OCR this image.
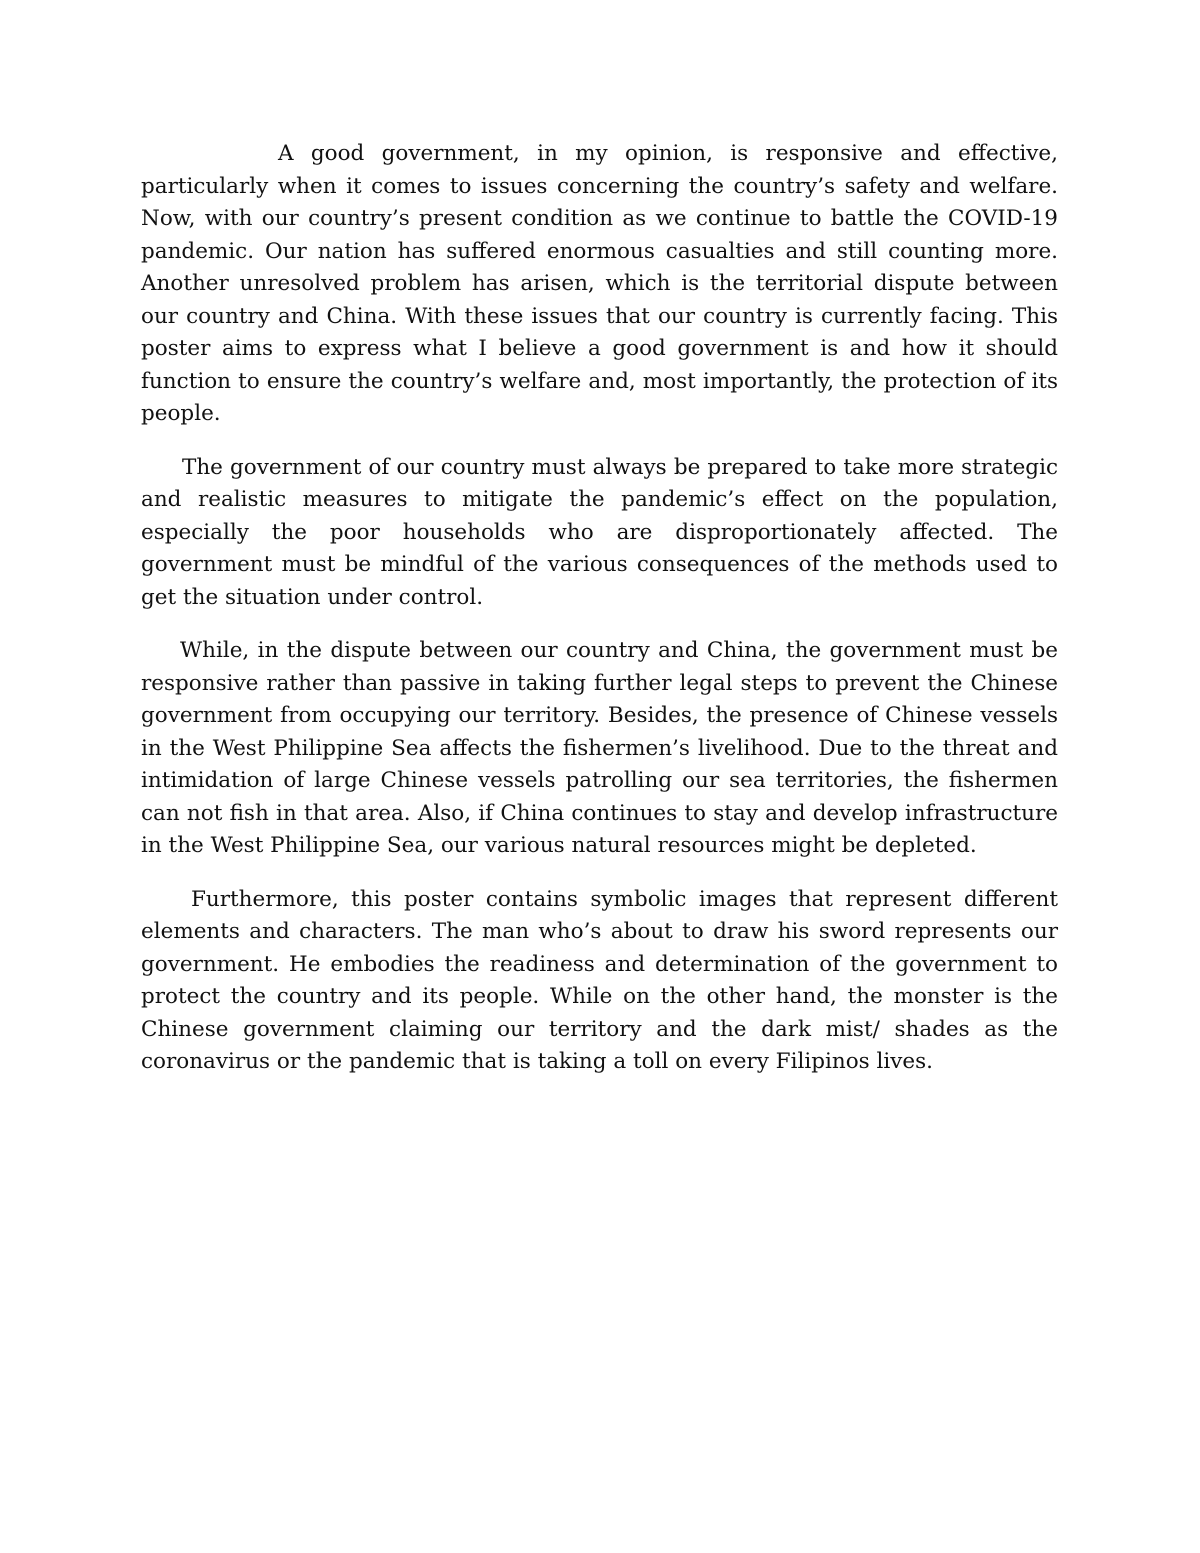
A good government, in my opinion, is responsive and effective, particularly when it comes to issues concerning the country’s safety and welfare. Now, with our country’s present condition as we continue to battle the COVID-19 pandemic. Our nation has suffered enormous casualties and still counting more. Another unresolved problem has arisen, which is the territorial dispute between our country and China. With these issues that our country is currently facing. This poster aims to express what I believe a good government is and how it should function to ensure the country’s welfare and, most importantly, the protection of its people.

The government of our country must always be prepared to take more strategic and realistic measures to mitigate the pandemic’s effect on the population, especially the poor households who are disproportionately affected. The government must be mindful of the various consequences of the methods used to get the situation under control.

While, in the dispute between our country and China, the government must be responsive rather than passive in taking further legal steps to prevent the Chinese government from occupying our territory. Besides, the presence of Chinese vessels in the West Philippine Sea affects the fishermen’s livelihood. Due to the threat and intimidation of large Chinese vessels patrolling our sea territories, the fishermen can not fish in that area. Also, if China continues to stay and develop infrastructure in the West Philippine Sea, our various natural resources might be depleted.

Furthermore, this poster contains symbolic images that represent different elements and characters. The man who’s about to draw his sword represents our government. He embodies the readiness and determination of the government to protect the country and its people. While on the other hand, the monster is the Chinese government claiming our territory and the dark mist/ shades as the coronavirus or the pandemic that is taking a toll on every Filipinos lives.
